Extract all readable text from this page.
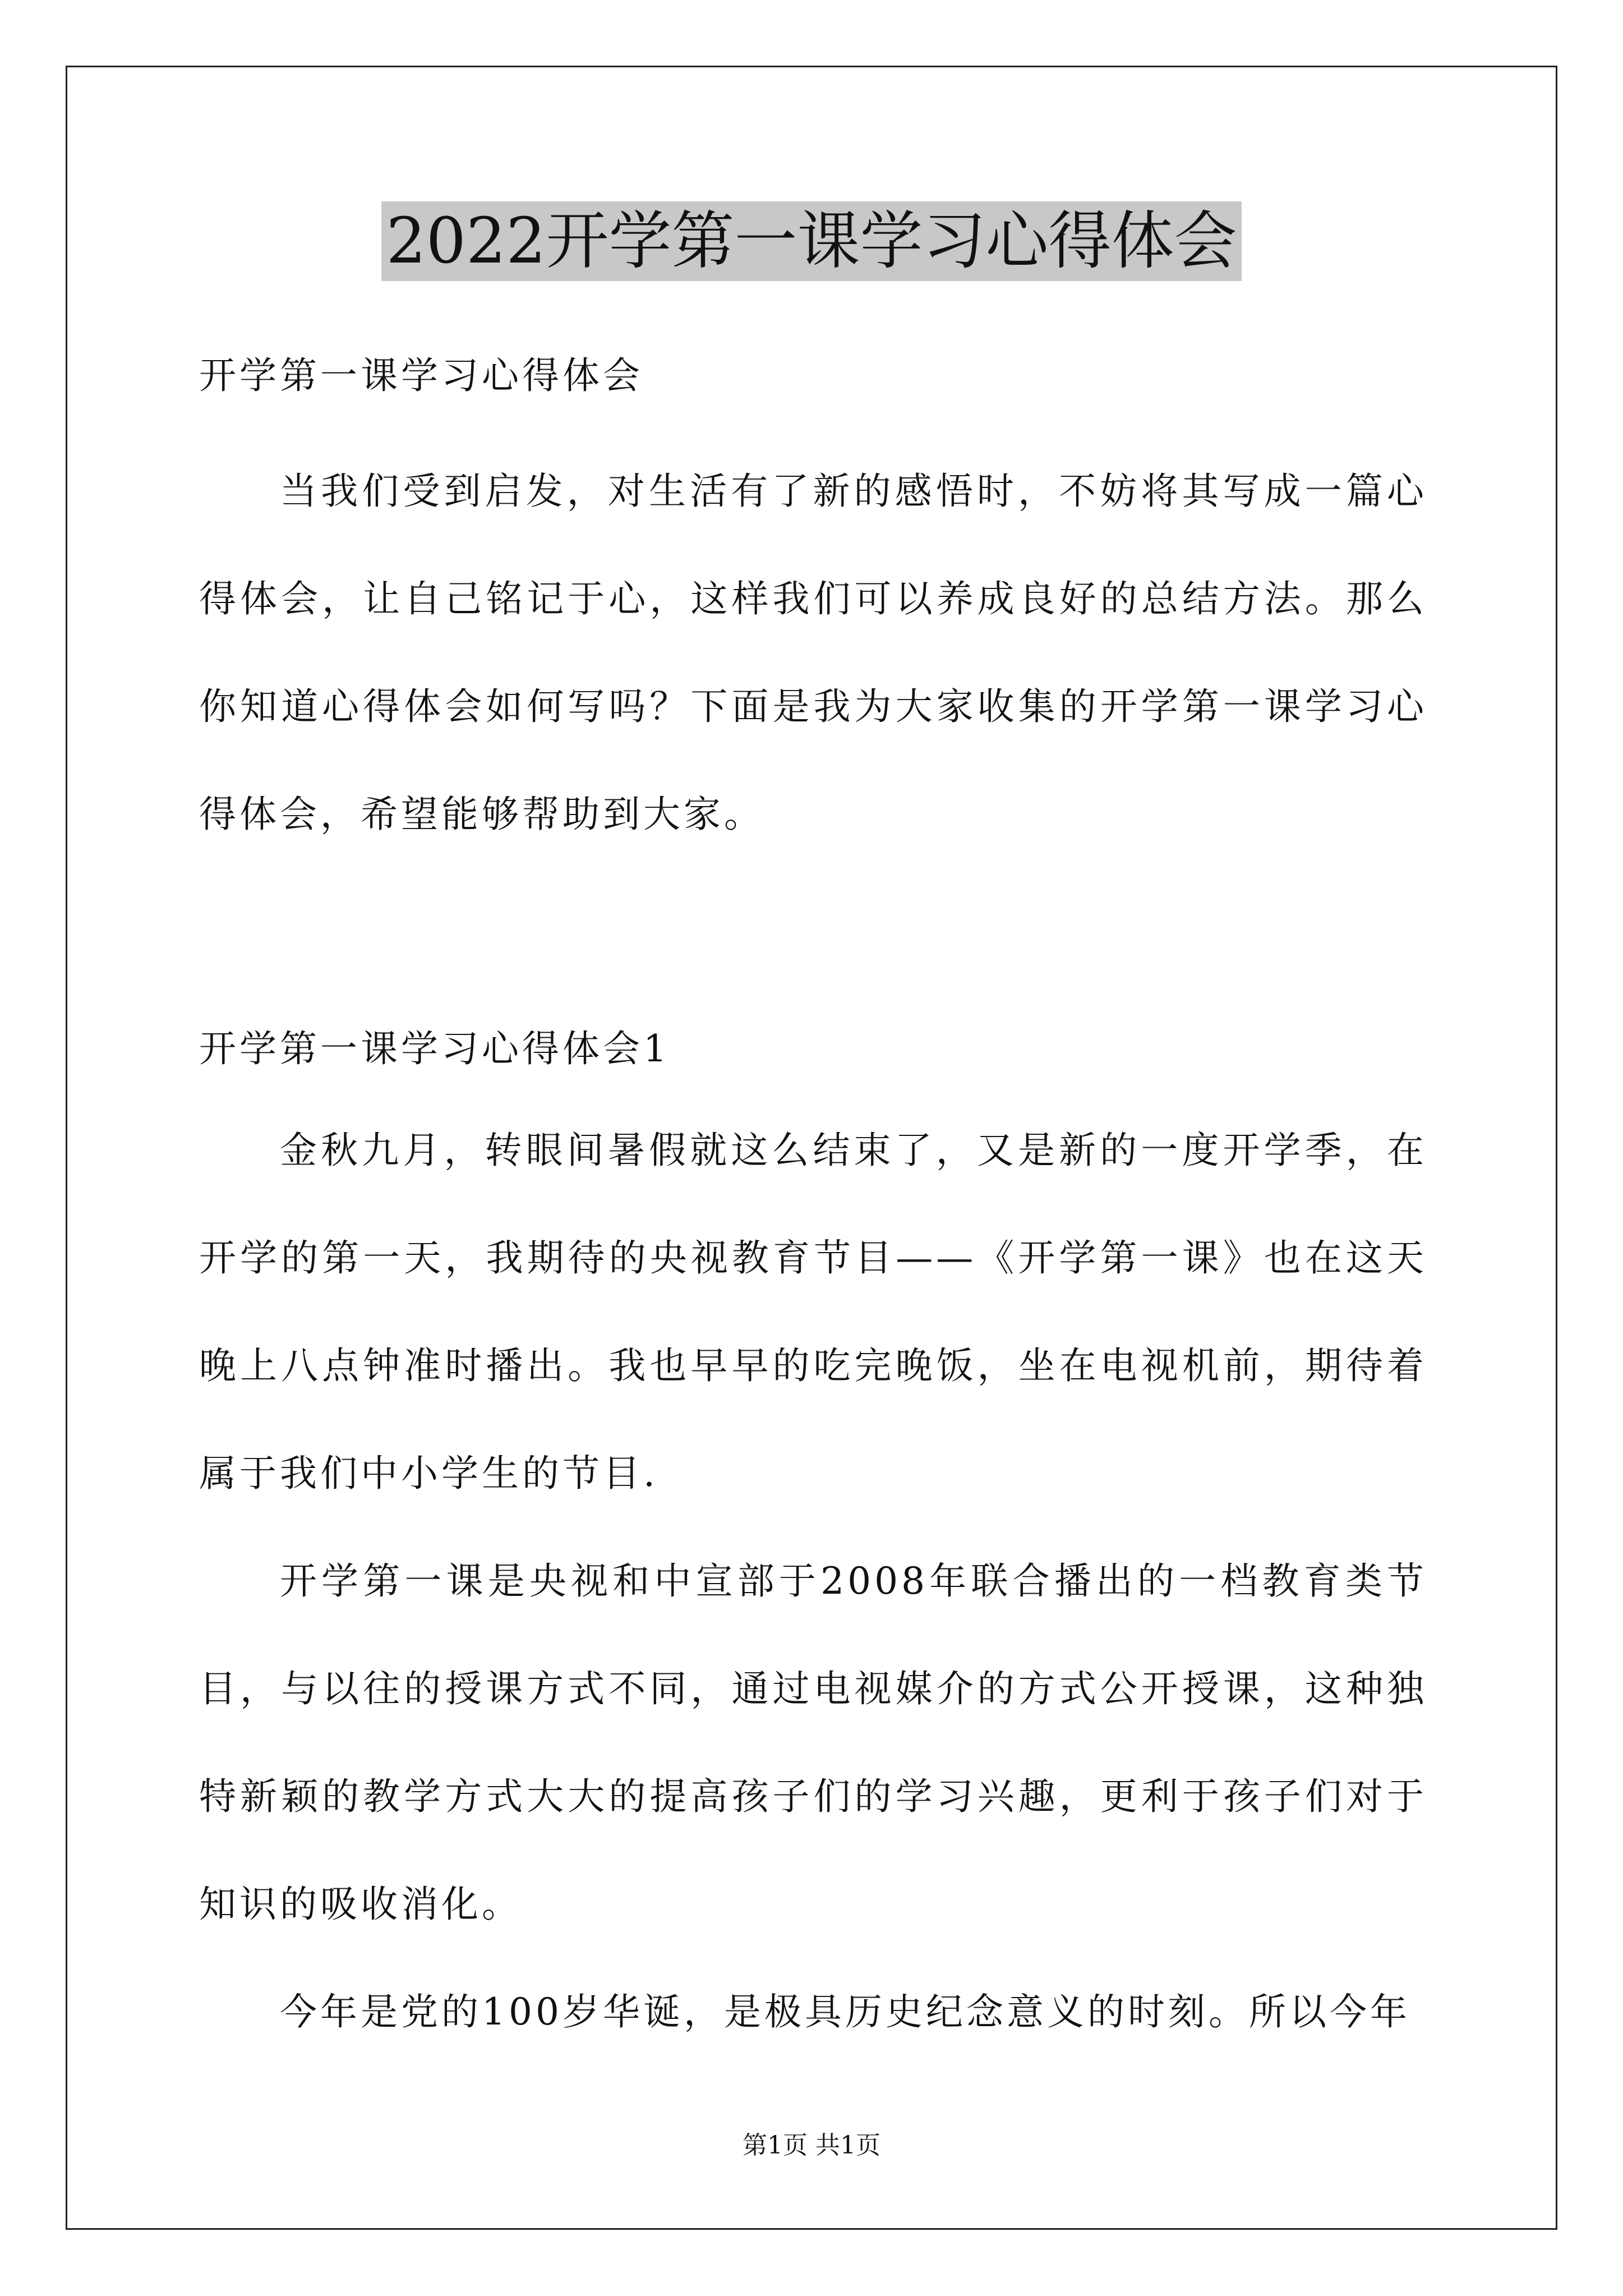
2022开学第一课学习心得体会

开学第一课学习心得体会

当我们受到启发，对生活有了新的感悟时，不妨将其写成一篇心得体会，让自己铭记于心，这样我们可以养成良好的总结方法。那么你知道心得体会如何写吗？下面是我为大家收集的开学第一课学习心得体会，希望能够帮助到大家。

开学第一课学习心得体会1

金秋九月，转眼间暑假就这么结束了，又是新的一度开学季，在开学的第一天，我期待的央视教育节目——《开学第一课》也在这天晚上八点钟准时播出。我也早早的吃完晚饭，坐在电视机前，期待着属于我们中小学生的节目.

开学第一课是央视和中宣部于2008年联合播出的一档教育类节目，与以往的授课方式不同，通过电视媒介的方式公开授课，这种独特新颖的教学方式大大的提高孩子们的学习兴趣，更利于孩子们对于知识的吸收消化。

今年是党的100岁华诞，是极具历史纪念意义的时刻。所以今年

第1页 共1页
